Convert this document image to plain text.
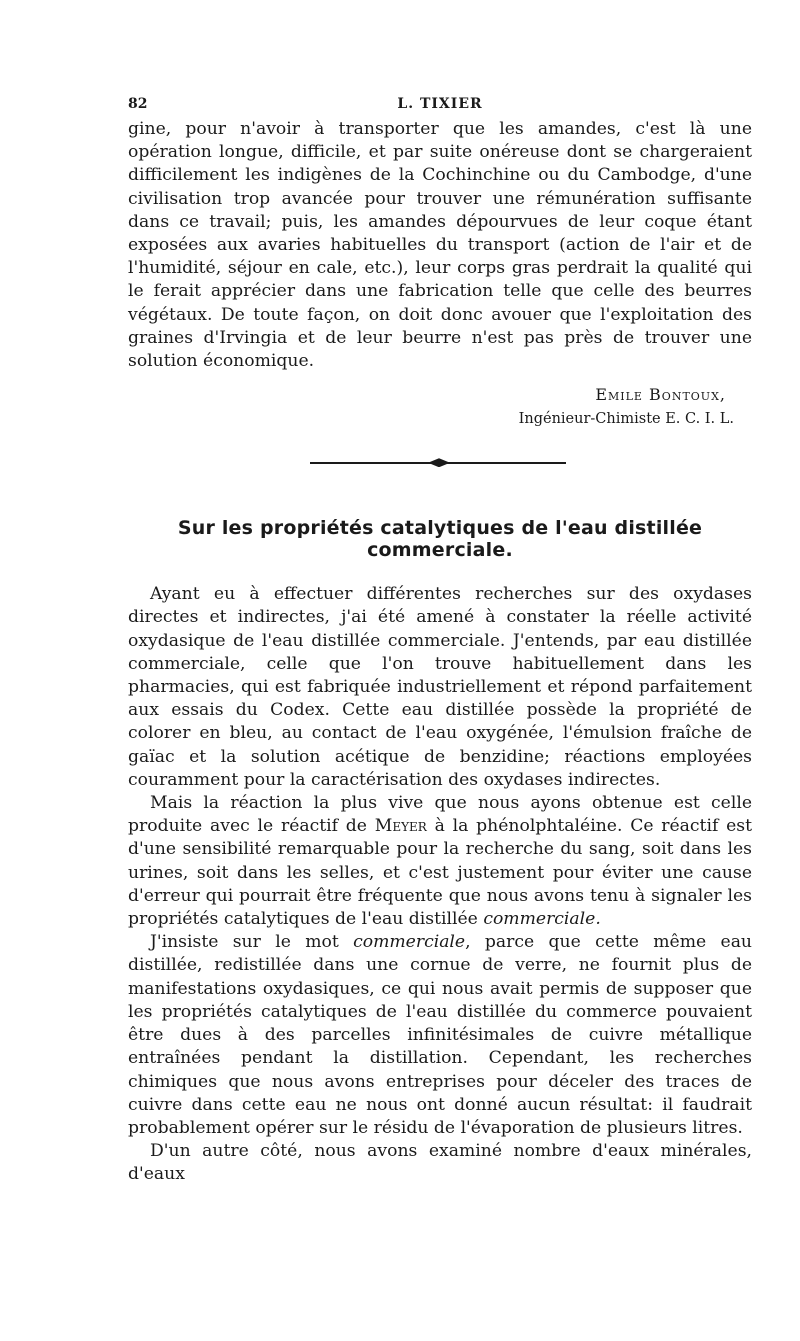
82	L. TIXIER

gine, pour n'avoir à transporter que les amandes, c'est là une opération longue, difficile, et par suite onéreuse dont se chargeraient difficilement les indigènes de la Cochinchine ou du Cambodge, d'une civilisation trop avancée pour trouver une rémunération suffisante dans ce travail; puis, les amandes dépourvues de leur coque étant exposées aux avaries habituelles du transport (action de l'air et de l'humidité, séjour en cale, etc.), leur corps gras perdrait la qualité qui le ferait apprécier dans une fabrication telle que celle des beurres végétaux. De toute façon, on doit donc avouer que l'exploitation des graines d'Irvingia et de leur beurre n'est pas près de trouver une solution économique.

Emile Bontoux,
Ingénieur-Chimiste E. C. I. L.
Sur les propriétés catalytiques de l'eau distillée commerciale.

Ayant eu à effectuer différentes recherches sur des oxydases directes et indirectes, j'ai été amené à constater la réelle activité oxydasique de l'eau distillée commerciale. J'entends, par eau distillée commerciale, celle que l'on trouve habituellement dans les pharmacies, qui est fabriquée industriellement et répond parfaitement aux essais du Codex. Cette eau distillée possède la propriété de colorer en bleu, au contact de l'eau oxygénée, l'émulsion fraîche de gaïac et la solution acétique de benzidine; réactions employées couramment pour la caractérisation des oxydases indirectes.

Mais la réaction la plus vive que nous ayons obtenue est celle produite avec le réactif de Meyer à la phénolphtaléine. Ce réactif est d'une sensibilité remarquable pour la recherche du sang, soit dans les urines, soit dans les selles, et c'est justement pour éviter une cause d'erreur qui pourrait être fréquente que nous avons tenu à signaler les propriétés catalytiques de l'eau distillée commerciale.

J'insiste sur le mot commerciale, parce que cette même eau distillée, redistillée dans une cornue de verre, ne fournit plus de manifestations oxydasiques, ce qui nous avait permis de supposer que les propriétés catalytiques de l'eau distillée du commerce pouvaient être dues à des parcelles infinitésimales de cuivre métallique entraînées pendant la distillation. Cependant, les recherches chimiques que nous avons entreprises pour déceler des traces de cuivre dans cette eau ne nous ont donné aucun résultat: il faudrait probablement opérer sur le résidu de l'évaporation de plusieurs litres.

D'un autre côté, nous avons examiné nombre d'eaux minérales, d'eaux
